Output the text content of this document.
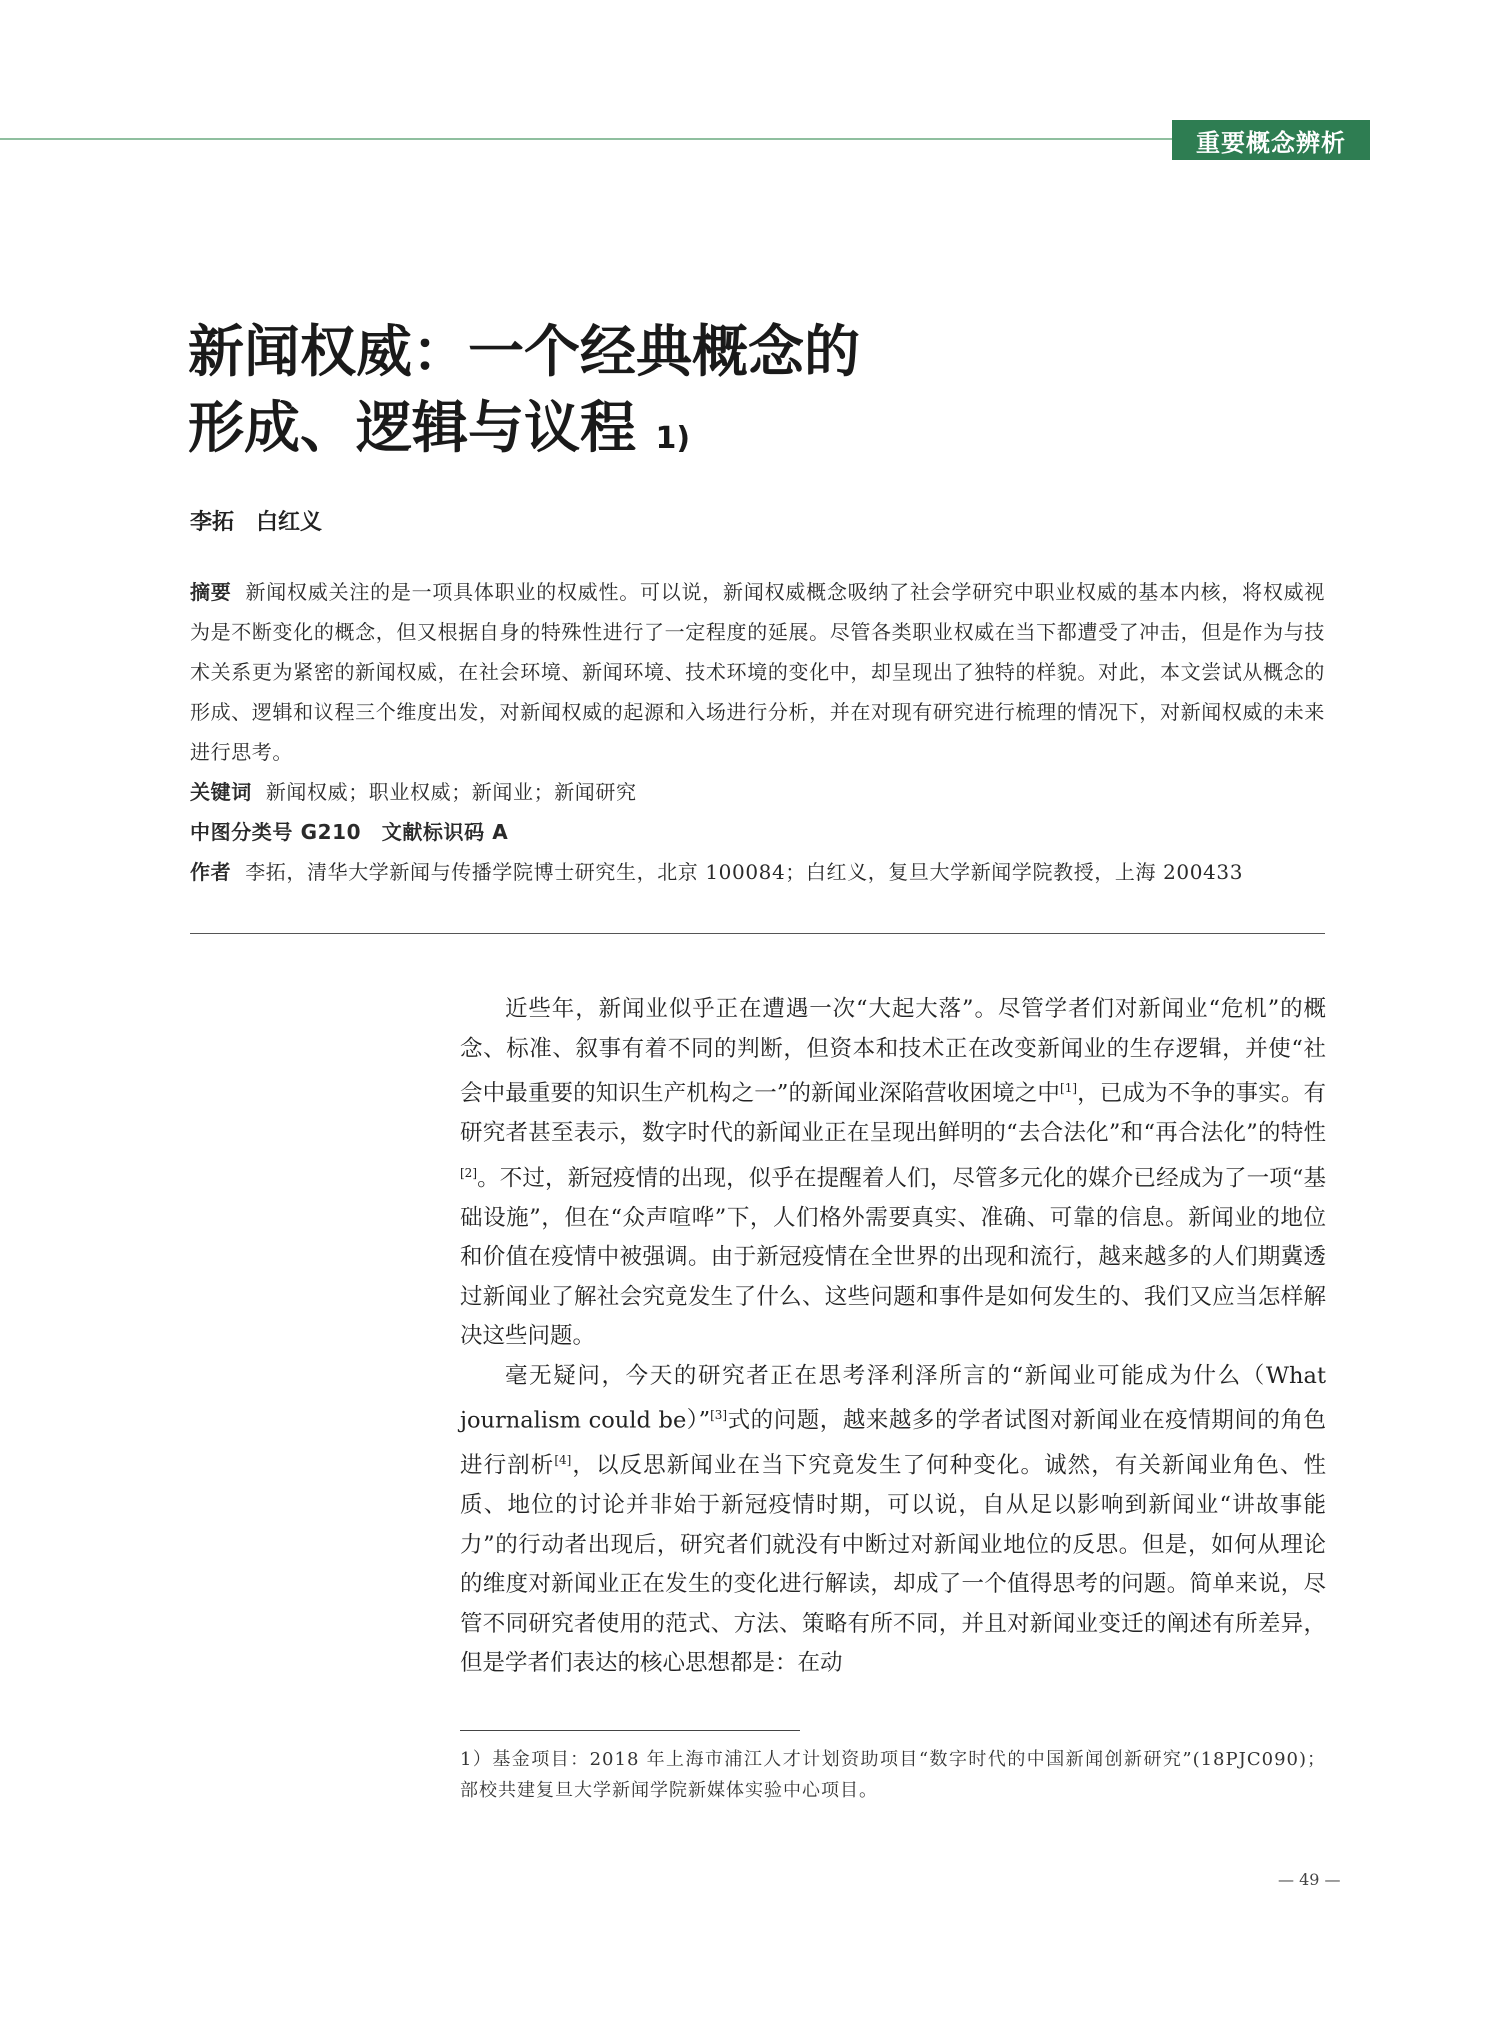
重要概念辨析
新闻权威：一个经典概念的
形成、逻辑与议程 $^{1)}$
李拓　白红义

摘要 新闻权威关注的是一项具体职业的权威性。可以说，新闻权威概念吸纳了社会学研究中职业权威的基本内核，将权威视为是不断变化的概念，但又根据自身的特殊性进行了一定程度的延展。尽管各类职业权威在当下都遭受了冲击，但是作为与技术关系更为紧密的新闻权威，在社会环境、新闻环境、技术环境的变化中，却呈现出了独特的样貌。对此，本文尝试从概念的形成、逻辑和议程三个维度出发，对新闻权威的起源和入场进行分析，并在对现有研究进行梳理的情况下，对新闻权威的未来进行思考。

关键词 新闻权威；职业权威；新闻业；新闻研究

中图分类号 G210　文献标识码 A

作者 李拓，清华大学新闻与传播学院博士研究生，北京 100084；白红义，复旦大学新闻学院教授，上海 200433

近些年，新闻业似乎正在遭遇一次“大起大落”。尽管学者们对新闻业“危机”的概念、标准、叙事有着不同的判断，但资本和技术正在改变新闻业的生存逻辑，并使“社会中最重要的知识生产机构之一”的新闻业深陷营收困境之中[1]，已成为不争的事实。有研究者甚至表示，数字时代的新闻业正在呈现出鲜明的“去合法化”和“再合法化”的特性[2]。不过，新冠疫情的出现，似乎在提醒着人们，尽管多元化的媒介已经成为了一项“基础设施”，但在“众声喧哗”下，人们格外需要真实、准确、可靠的信息。新闻业的地位和价值在疫情中被强调。由于新冠疫情在全世界的出现和流行，越来越多的人们期冀透过新闻业了解社会究竟发生了什么、这些问题和事件是如何发生的、我们又应当怎样解决这些问题。

毫无疑问，今天的研究者正在思考泽利泽所言的“新闻业可能成为什么（What journalism could be）”[3]式的问题，越来越多的学者试图对新闻业在疫情期间的角色进行剖析[4]，以反思新闻业在当下究竟发生了何种变化。诚然，有关新闻业角色、性质、地位的讨论并非始于新冠疫情时期，可以说，自从足以影响到新闻业“讲故事能力”的行动者出现后，研究者们就没有中断过对新闻业地位的反思。但是，如何从理论的维度对新闻业正在发生的变化进行解读，却成了一个值得思考的问题。简单来说，尽管不同研究者使用的范式、方法、策略有所不同，并且对新闻业变迁的阐述有所差异，但是学者们表达的核心思想都是：在动

1）基金项目：2018 年上海市浦江人才计划资助项目“数字时代的中国新闻创新研究”(18PJC090)；部校共建复旦大学新闻学院新媒体实验中心项目。
— 49 —
